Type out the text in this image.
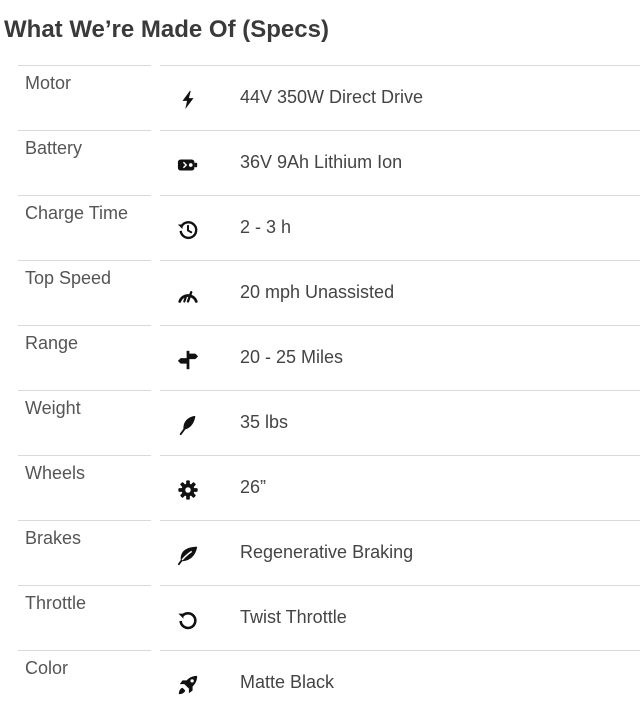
What We’re Made Of (Specs)
Motor
44V 350W Direct Drive
Battery
36V 9Ah Lithium Ion
Charge Time
2 - 3 h
Top Speed
20 mph Unassisted
Range
20 - 25 Miles
Weight
35 lbs
Wheels
26”
Brakes
Regenerative Braking
Throttle
Twist Throttle
Color
Matte Black
